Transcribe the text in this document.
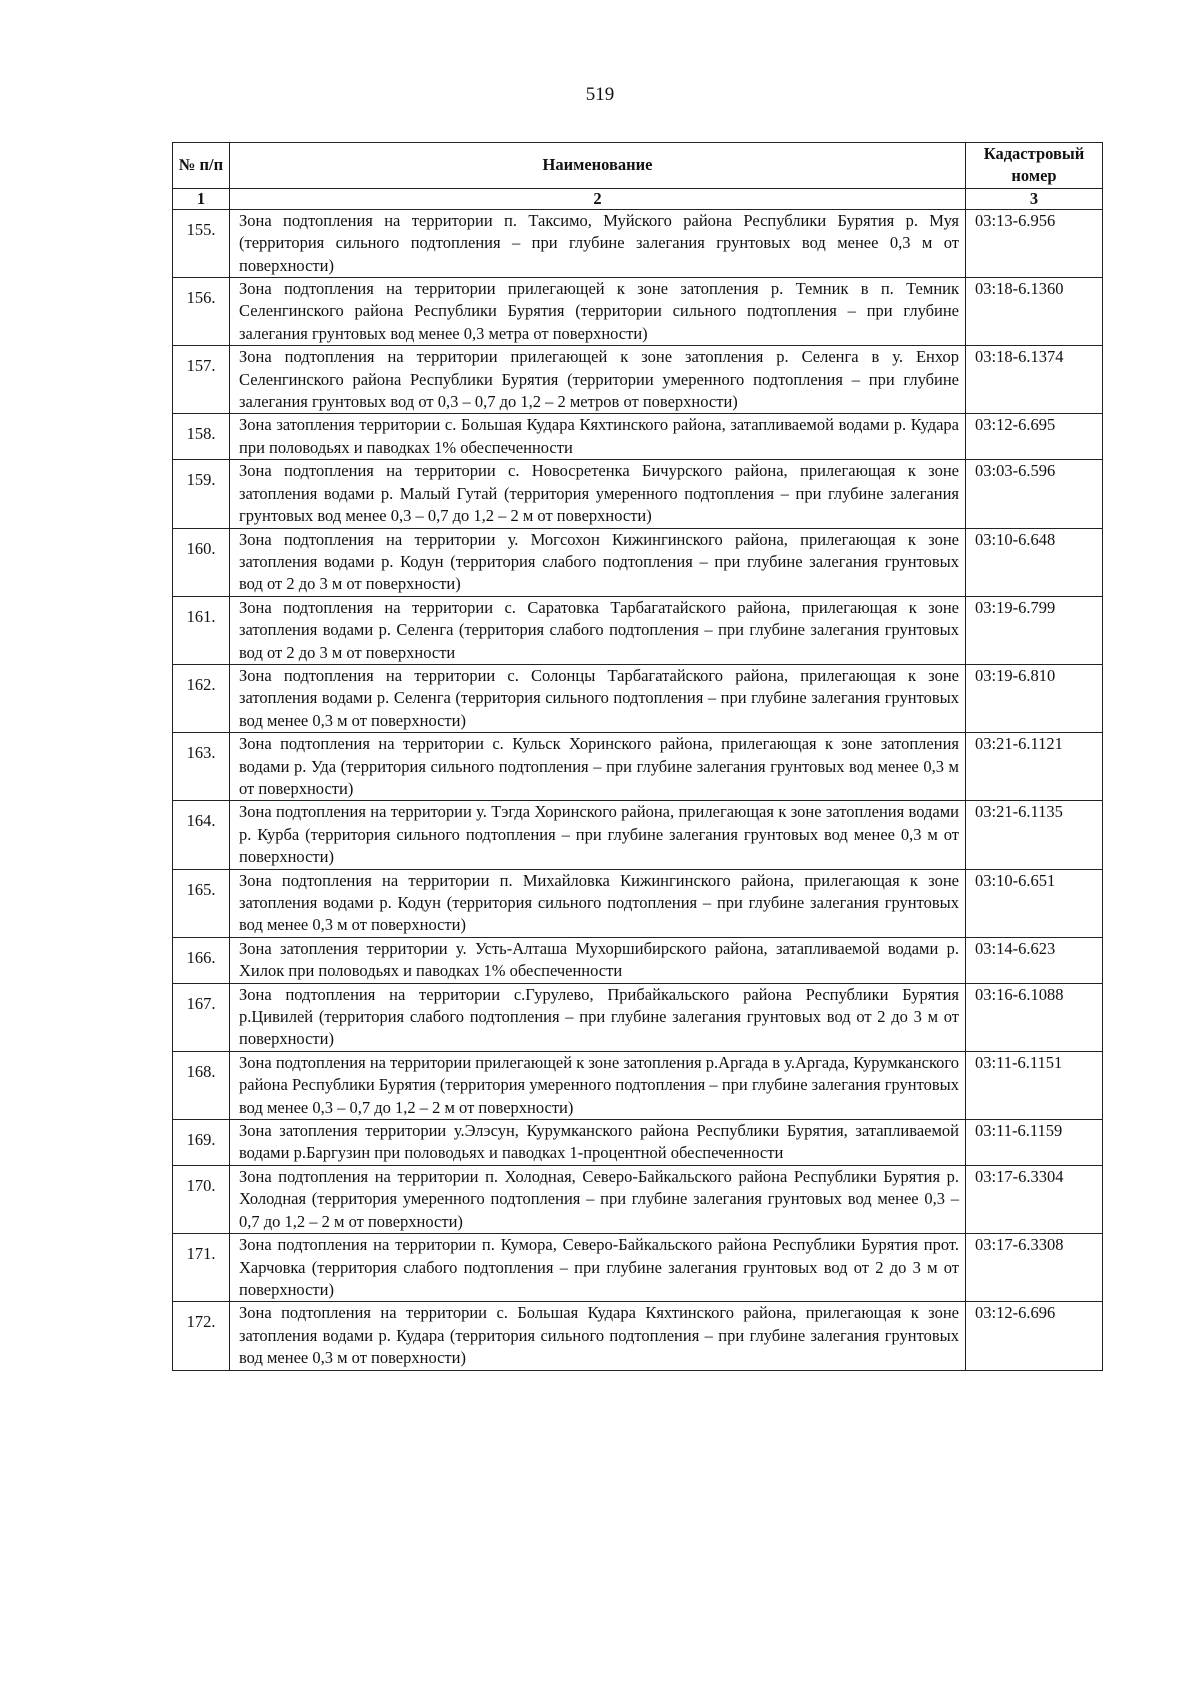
519
№ п/п	Наименование	Кадастровый номер
1	2	3
155.	Зона подтопления на территории п. Таксимо, Муйского района Республики Бурятия р. Муя (территория сильного подтопления – при глубине залегания грунтовых вод менее 0,3 м от поверхности)	03:13-6.956
156.	Зона подтопления на территории прилегающей к зоне затопления р. Темник в п. Темник Селенгинского района Республики Бурятия (территории сильного подтопления – при глубине залегания грунтовых вод менее 0,3 метра от поверхности)	03:18-6.1360
157.	Зона подтопления на территории прилегающей к зоне затопления р. Селенга в у. Енхор Селенгинского района Республики Бурятия (территории умеренного подтопления – при глубине залегания грунтовых вод от 0,3 – 0,7 до 1,2 – 2 метров от поверхности)	03:18-6.1374
158.	Зона затопления территории с. Большая Кудара Кяхтинского района, затапливаемой водами р. Кудара при половодьях и паводках 1% обеспеченности	03:12-6.695
159.	Зона подтопления на территории с. Новосретенка Бичурского района, прилегающая к зоне затопления водами р. Малый Гутай (территория умеренного подтопления – при глубине залегания грунтовых вод менее 0,3 – 0,7 до 1,2 – 2 м от поверхности)	03:03-6.596
160.	Зона подтопления на территории у. Могсохон Кижингинского района, прилегающая к зоне затопления водами р. Кодун (территория слабого подтопления – при глубине залегания грунтовых вод от 2 до 3 м от поверхности)	03:10-6.648
161.	Зона подтопления на территории с. Саратовка Тарбагатайского района, прилегающая к зоне затопления водами р. Селенга (территория слабого подтопления – при глубине залегания грунтовых вод от 2 до 3 м от поверхности	03:19-6.799
162.	Зона подтопления на территории с. Солонцы Тарбагатайского района, прилегающая к зоне затопления водами р. Селенга (территория сильного подтопления – при глубине залегания грунтовых вод менее 0,3 м от поверхности)	03:19-6.810
163.	Зона подтопления на территории с. Кульск Хоринского района, прилегающая к зоне затопления водами р. Уда (территория сильного подтопления – при глубине залегания грунтовых вод менее 0,3 м от поверхности)	03:21-6.1121
164.	Зона подтопления на территории у. Тэгда Хоринского района, прилегающая к зоне затопления водами р. Курба (территория сильного подтопления – при глубине залегания грунтовых вод менее 0,3 м от поверхности)	03:21-6.1135
165.	Зона подтопления на территории п. Михайловка Кижингинского района, прилегающая к зоне затопления водами р. Кодун (территория сильного подтопления – при глубине залегания грунтовых вод менее 0,3 м от поверхности)	03:10-6.651
166.	Зона затопления территории у. Усть-Алташа Мухоршибирского района, затапливаемой водами р. Хилок при половодьях и паводках 1% обеспеченности	03:14-6.623
167.	Зона подтопления на территории с.Гурулево, Прибайкальского района Республики Бурятия р.Цивилей (территория слабого подтопления – при глубине залегания грунтовых вод от 2 до 3 м от поверхности)	03:16-6.1088
168.	Зона подтопления на территории прилегающей к зоне затопления р.Аргада в у.Аргада, Курумканского района Республики Бурятия (территория умеренного подтопления – при глубине залегания грунтовых вод менее 0,3 – 0,7 до 1,2 – 2 м от поверхности)	03:11-6.1151
169.	Зона затопления территории у.Элэсун, Курумканского района Республики Бурятия, затапливаемой водами р.Баргузин при половодьях и паводках 1-процентной обеспеченности	03:11-6.1159
170.	Зона подтопления на территории п. Холодная, Северо-Байкальского района Республики Бурятия р. Холодная (территория умеренного подтопления – при глубине залегания грунтовых вод менее 0,3 – 0,7 до 1,2 – 2 м от поверхности)	03:17-6.3304
171.	Зона подтопления на территории п. Кумора, Северо-Байкальского района Республики Бурятия прот. Харчовка (территория слабого подтопления – при глубине залегания грунтовых вод от 2 до 3 м от поверхности)	03:17-6.3308
172.	Зона подтопления на территории с. Большая Кудара Кяхтинского района, прилегающая к зоне затопления водами р. Кудара (территория сильного подтопления – при глубине залегания грунтовых вод менее 0,3 м от поверхности)	03:12-6.696
